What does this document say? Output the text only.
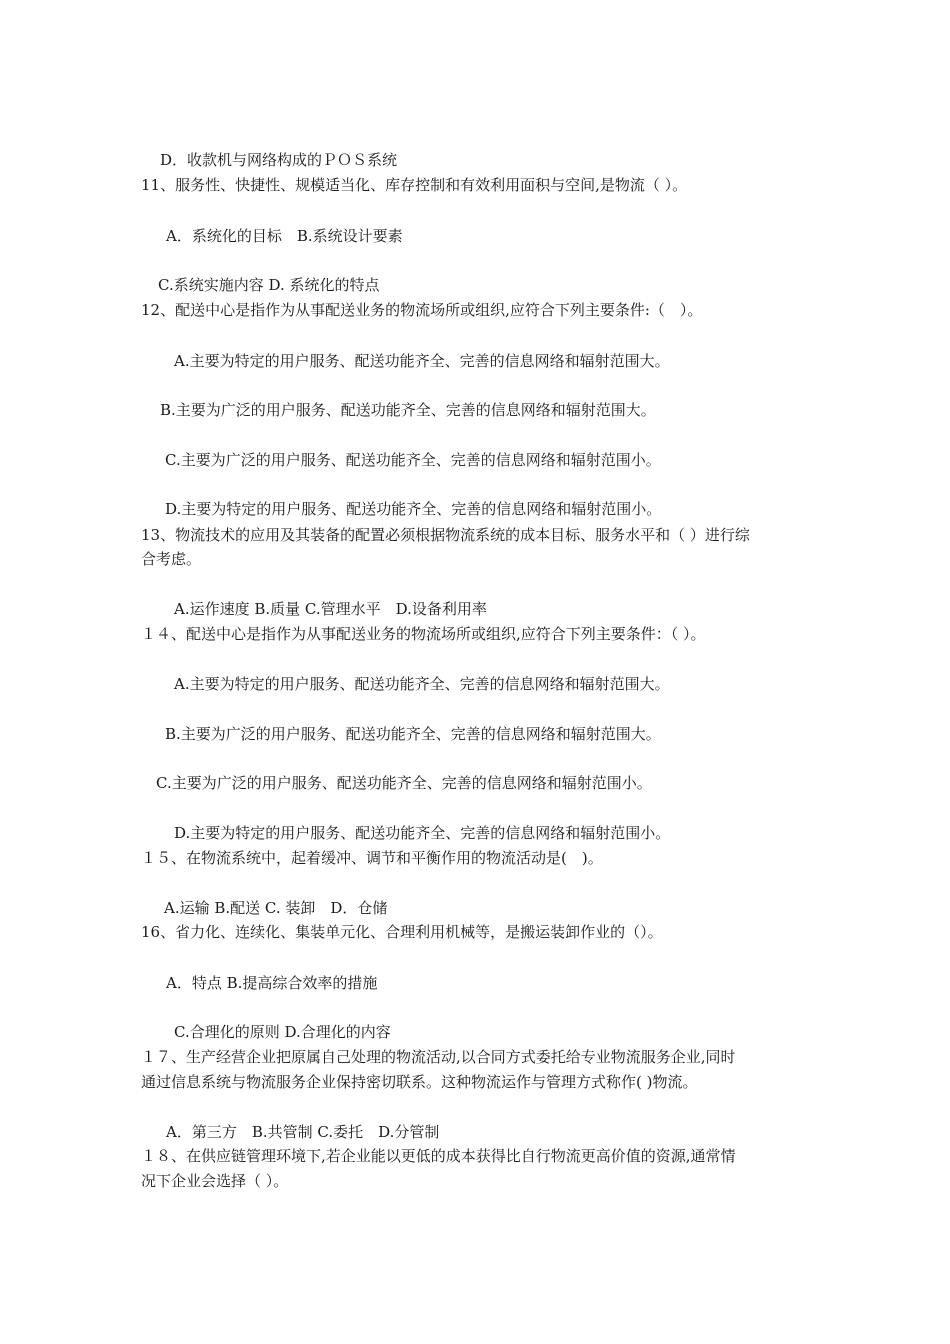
D．收款机与网络构成的ＰＯＳ系统
11、服务性、快捷性、规模适当化、库存控制和有效利用面积与空间,是物流（ ）。
A．系统化的目标　B.系统设计要素
C.系统实施内容 D. 系统化的特点
12、配送中心是指作为从事配送业务的物流场所或组织,应符合下列主要条件:（　）。
A.主要为特定的用户服务、配送功能齐全、完善的信息网络和辐射范围大。
B.主要为广泛的用户服务、配送功能齐全、完善的信息网络和辐射范围大。
C.主要为广泛的用户服务、配送功能齐全、完善的信息网络和辐射范围小。
D.主要为特定的用户服务、配送功能齐全、完善的信息网络和辐射范围小。
13、物流技术的应用及其装备的配置必须根据物流系统的成本目标、服务水平和（ ）进行综
合考虑。
A.运作速度 B.质量 C.管理水平　D.设备利用率
１４、配送中心是指作为从事配送业务的物流场所或组织,应符合下列主要条件：（ ）。
A.主要为特定的用户服务、配送功能齐全、完善的信息网络和辐射范围大。
B.主要为广泛的用户服务、配送功能齐全、完善的信息网络和辐射范围大。
C.主要为广泛的用户服务、配送功能齐全、完善的信息网络和辐射范围小。
D.主要为特定的用户服务、配送功能齐全、完善的信息网络和辐射范围小。
１５、在物流系统中，起着缓冲、调节和平衡作用的物流活动是(　)。
A.运输 B.配送 C. 装卸　D．仓储
16、省力化、连续化、集装单元化、合理利用机械等，是搬运装卸作业的（）。
A．特点 B.提高综合效率的措施
C.合理化的原则 D.合理化的内容
１７、生产经营企业把原属自己处理的物流活动,以合同方式委托给专业物流服务企业,同时
通过信息系统与物流服务企业保持密切联系。这种物流运作与管理方式称作( )物流。
A．第三方　B.共管制 C.委托　D.分管制
１８、在供应链管理环境下,若企业能以更低的成本获得比自行物流更高价值的资源,通常情
况下企业会选择（ ）。
